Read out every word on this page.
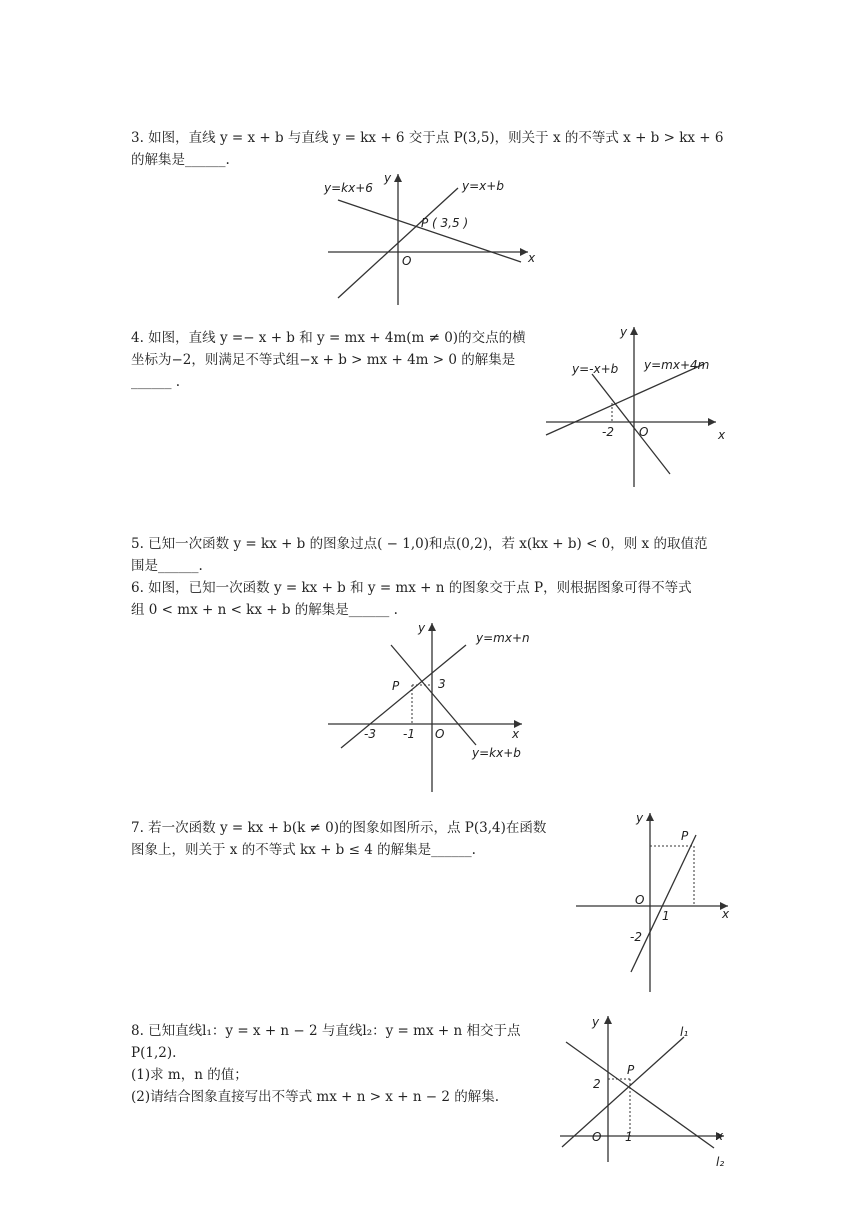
3. 如图，直线 y = x + b 与直线 y = kx + 6 交于点 P(3,5)，则关于 x 的不等式 x + b > kx + 6

的解集是______.

y=kx+6	y=x+b
P ( 3,5 )
O	x
y

4. 如图，直线 y =− x + b 和 y = mx + 4m(m ≠ 0)的交点的横

坐标为−2，则满足不等式组−x + b > mx + 4m > 0 的解集是

______ .

y=-x+b y=mx+4m
-2 O	x
y

5. 已知一次函数 y = kx + b 的图象过点( − 1,0)和点(0,2)，若 x(kx + b) < 0，则 x 的取值范

围是______.

6. 如图，已知一次函数 y = kx + b 和 y = mx + n 的图象交于点 P，则根据图象可得不等式

组 0 < mx + n < kx + b 的解集是______ .

y=mx+n
y=kx+b
P	3
-3 -1 O	x
y

7. 若一次函数 y = kx + b(k ≠ 0)的图象如图所示，点 P(3,4)在函数

图象上，则关于 x 的不等式 kx + b ≤ 4 的解集是______.

P
O
1
-2
x
y

8. 已知直线l₁：y = x + n − 2 与直线l₂：y = mx + n 相交于点

P(1,2).

(1)求 m，n 的值；

(2)请结合图象直接写出不等式 mx + n > x + n − 2 的解集.

l₁
l₂
P
2
1
O	x
y
